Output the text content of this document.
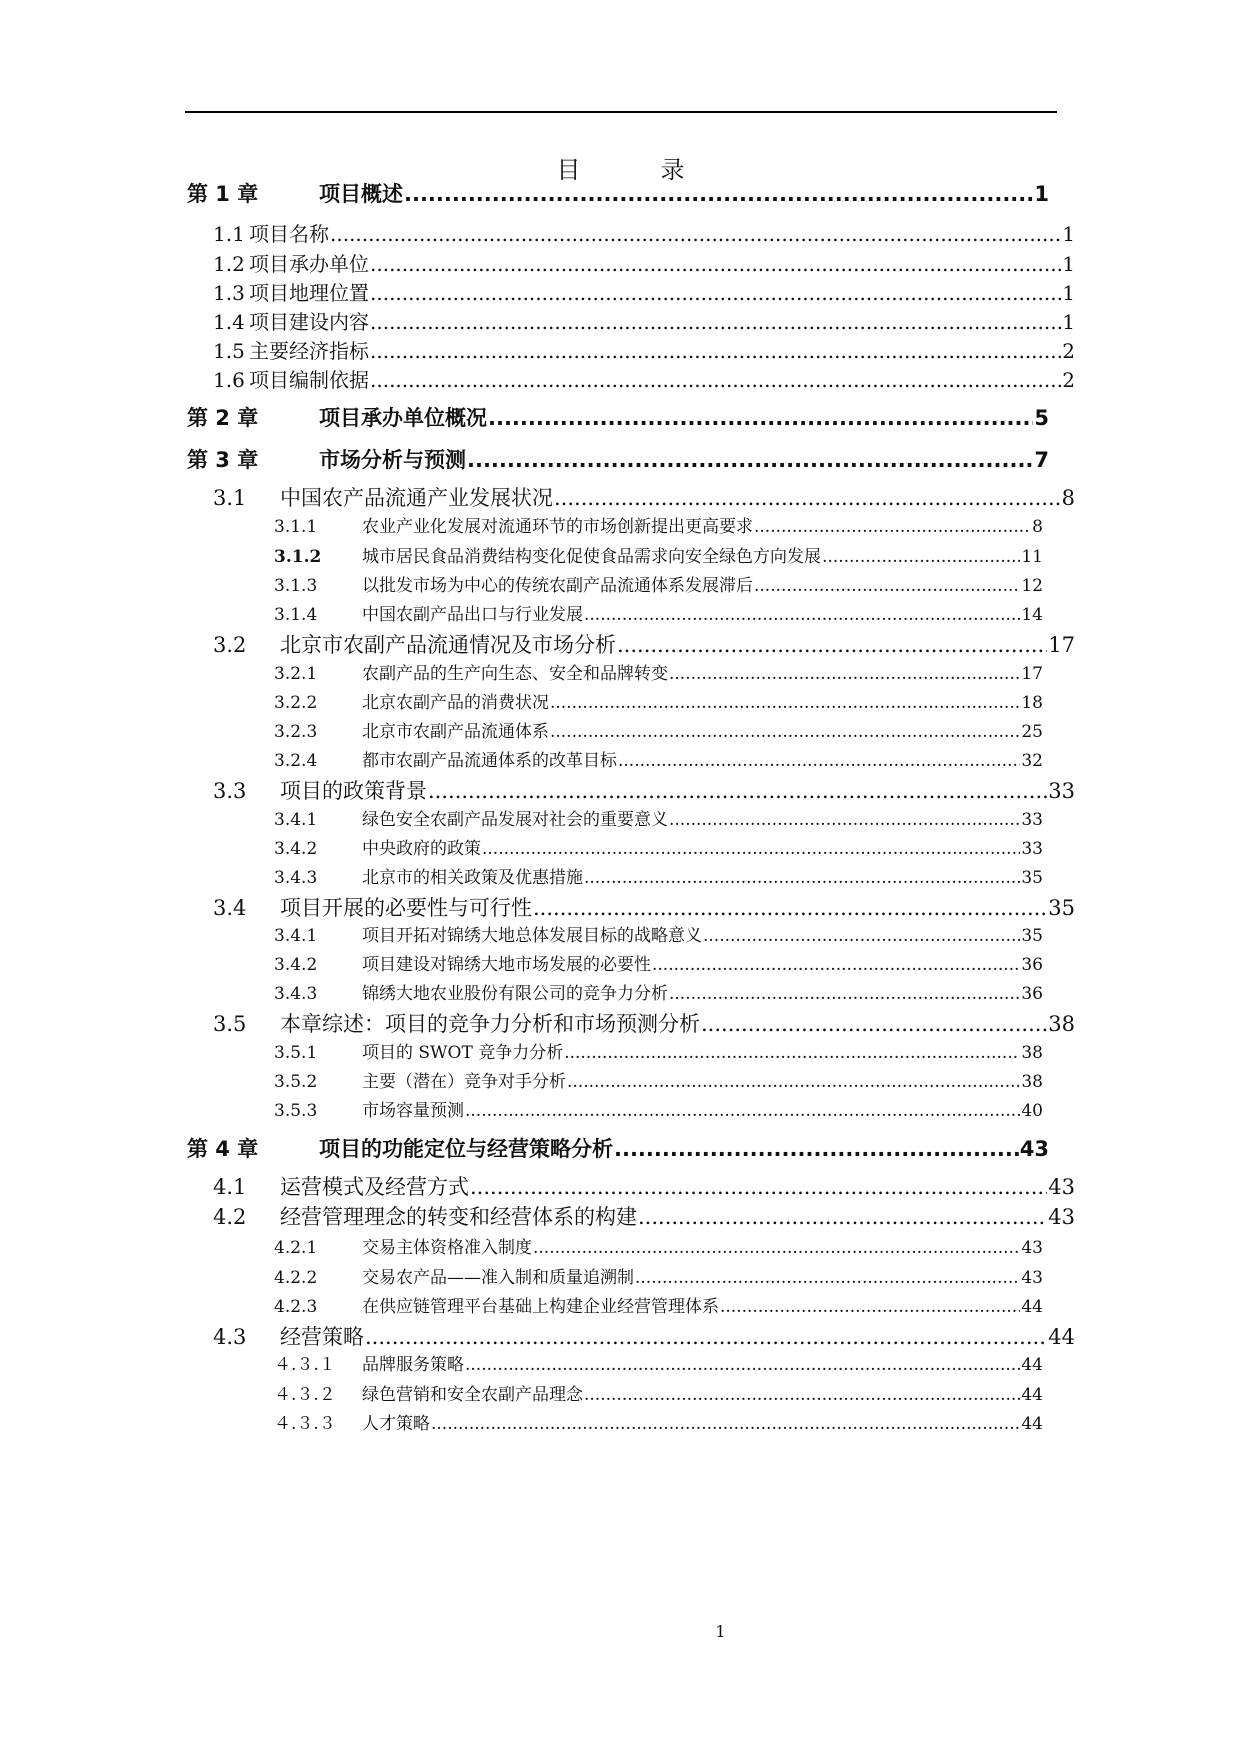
目　录
第 1 章	项目概述 .....	1
1.1 项目名称 .....	1
1.2 项目承办单位 .....	1
1.3 项目地理位置 .....	1
1.4 项目建设内容 .....	1
1.5 主要经济指标 .....	2
1.6 项目编制依据 .....	2
第 2 章	项目承办单位概况 .....	5
第 3 章	市场分析与预测 .....	7
3.1	中国农产品流通产业发展状况 .....	8
3.1.1	农业产业化发展对流通环节的市场创新提出更高要求 .....	8
3.1.2	城市居民食品消费结构变化促使食品需求向安全绿色方向发展 .....	11
3.1.3	以批发市场为中心的传统农副产品流通体系发展滞后 .....	12
3.1.4	中国农副产品出口与行业发展 .....	14
3.2	北京市农副产品流通情况及市场分析 .....	17
3.2.1	农副产品的生产向生态、安全和品牌转变 .....	17
3.2.2	北京农副产品的消费状况 .....	18
3.2.3	北京市农副产品流通体系 .....	25
3.2.4	都市农副产品流通体系的改革目标 .....	32
3.3	项目的政策背景 .....	33
3.4.1	绿色安全农副产品发展对社会的重要意义 .....	33
3.4.2	中央政府的政策 .....	33
3.4.3	北京市的相关政策及优惠措施 .....	35
3.4	项目开展的必要性与可行性 .....	35
3.4.1	项目开拓对锦绣大地总体发展目标的战略意义 .....	35
3.4.2	项目建设对锦绣大地市场发展的必要性 .....	36
3.4.3	锦绣大地农业股份有限公司的竞争力分析 .....	36
3.5	本章综述：项目的竞争力分析和市场预测分析 .....	38
3.5.1	项目的 SWOT 竞争力分析 .....	38
3.5.2	主要（潜在）竞争对手分析 .....	38
3.5.3	市场容量预测 .....	40
第 4 章	项目的功能定位与经营策略分析 .....	43
4.1	运营模式及经营方式 .....	43
4.2	经营管理理念的转变和经营体系的构建 .....	43
4.2.1	交易主体资格准入制度 .....	43
4.2.2	交易农产品——准入制和质量追溯制 .....	43
4.2.3	在供应链管理平台基础上构建企业经营管理体系 .....	44
4.3	经营策略 .....	44
４.３.１	品牌服务策略 .....	44
４.３.２	绿色营销和安全农副产品理念 .....	44
４.３.３	人才策略 .....	44
1
